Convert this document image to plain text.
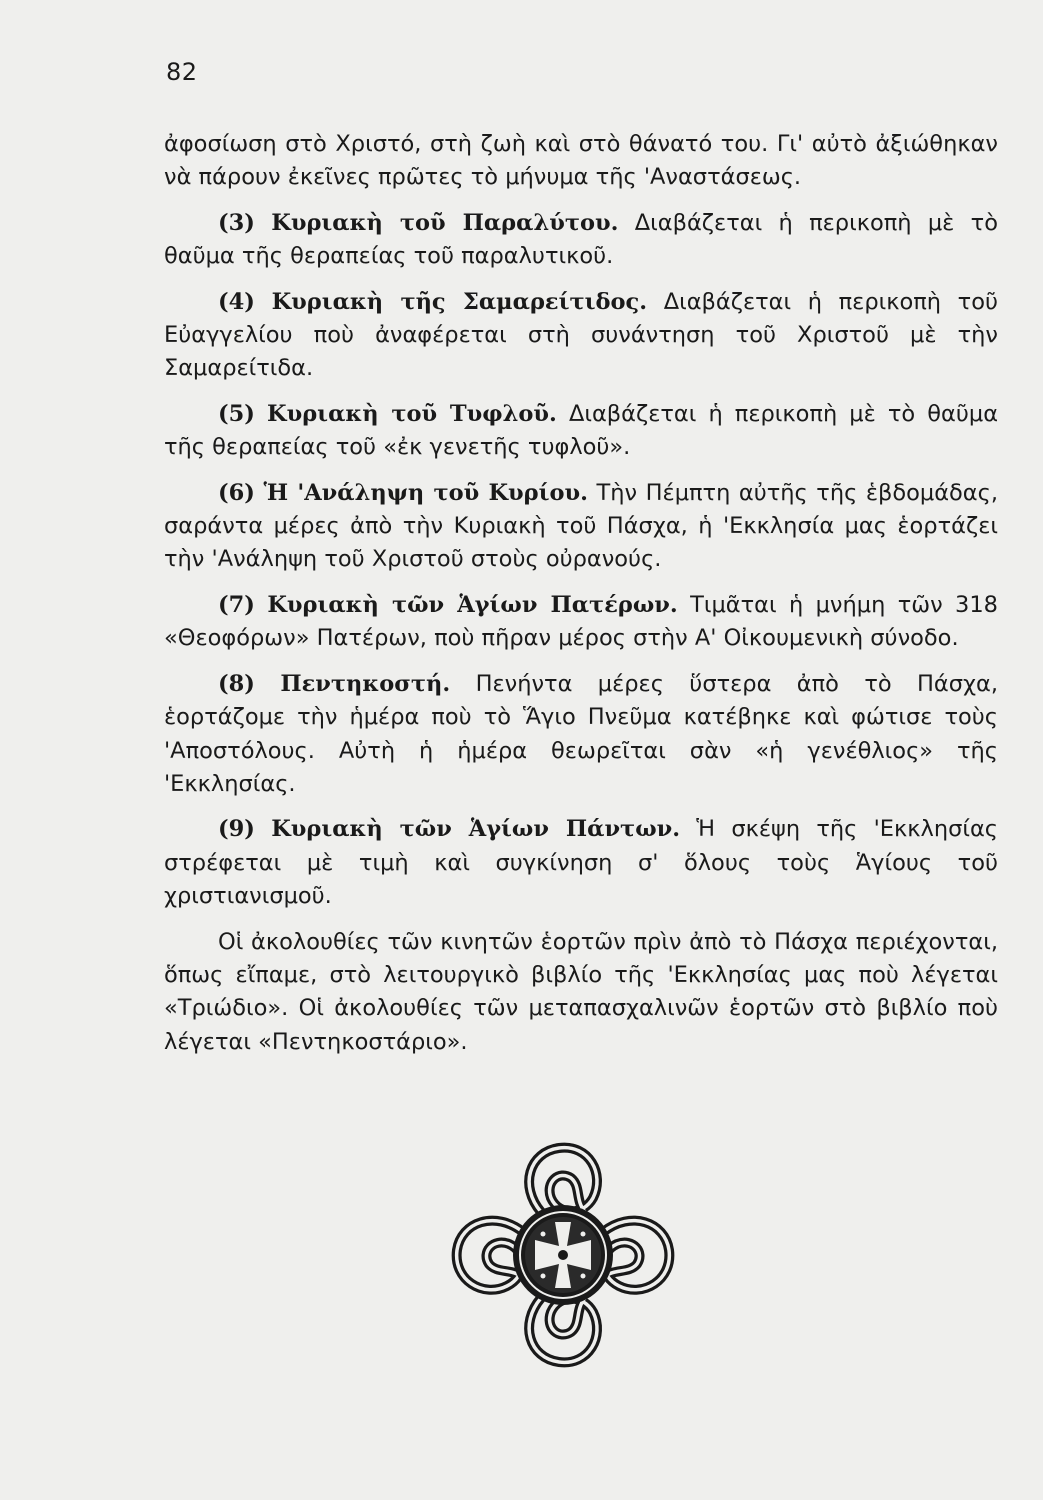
82

ἀφοσίωση στὸ Χριστό, στὴ ζωὴ καὶ στὸ θάνατό του. Γι' αὐτὸ ἀξιώθηκαν νὰ πάρουν ἐκεῖνες πρῶτες τὸ μήνυμα τῆς 'Αναστάσεως.

(3) Κυριακὴ τοῦ Παραλύτου. Διαβάζεται ἡ περικοπὴ μὲ τὸ θαῦμα τῆς θεραπείας τοῦ παραλυτικοῦ.

(4) Κυριακὴ τῆς Σαμαρείτιδος. Διαβάζεται ἡ περικοπὴ τοῦ Εὐαγγελίου ποὺ ἀναφέρεται στὴ συνάντηση τοῦ Χριστοῦ μὲ τὴν Σαμαρείτιδα.

(5) Κυριακὴ τοῦ Τυφλοῦ. Διαβάζεται ἡ περικοπὴ μὲ τὸ θαῦμα τῆς θεραπείας τοῦ «ἐκ γενετῆς τυφλοῦ».

(6) Ἡ 'Ανάληψη τοῦ Κυρίου. Τὴν Πέμπτη αὐτῆς τῆς ἑβδομάδας, σαράντα μέρες ἀπὸ τὴν Κυριακὴ τοῦ Πάσχα, ἡ 'Εκκλησία μας ἑορτάζει τὴν 'Ανάληψη τοῦ Χριστοῦ στοὺς οὐρανούς.

(7) Κυριακὴ τῶν Ἁγίων Πατέρων. Τιμᾶται ἡ μνήμη τῶν 318 «Θεοφόρων» Πατέρων, ποὺ πῆραν μέρος στὴν Α' Οἰκουμενικὴ σύνοδο.

(8) Πεντηκοστή. Πενήντα μέρες ὕστερα ἀπὸ τὸ Πάσχα, ἑορτάζομε τὴν ἡμέρα ποὺ τὸ Ἅγιο Πνεῦμα κατέβηκε καὶ φώτισε τοὺς 'Αποστόλους. Αὐτὴ ἡ ἡμέρα θεωρεῖται σὰν «ἡ γενέθλιος» τῆς 'Εκκλησίας.

(9) Κυριακὴ τῶν Ἁγίων Πάντων. Ἡ σκέψη τῆς 'Εκκλησίας στρέφεται μὲ τιμὴ καὶ συγκίνηση σ' ὅλους τοὺς Ἁγίους τοῦ χριστιανισμοῦ.

Οἱ ἀκολουθίες τῶν κινητῶν ἑορτῶν πρὶν ἀπὸ τὸ Πάσχα περιέχονται, ὅπως εἴπαμε, στὸ λειτουργικὸ βιβλίο τῆς 'Εκκλησίας μας ποὺ λέγεται «Τριώδιο». Οἱ ἀκολουθίες τῶν μεταπασχαλινῶν ἑορτῶν στὸ βιβλίο ποὺ λέγεται «Πεντηκοστάριο».
